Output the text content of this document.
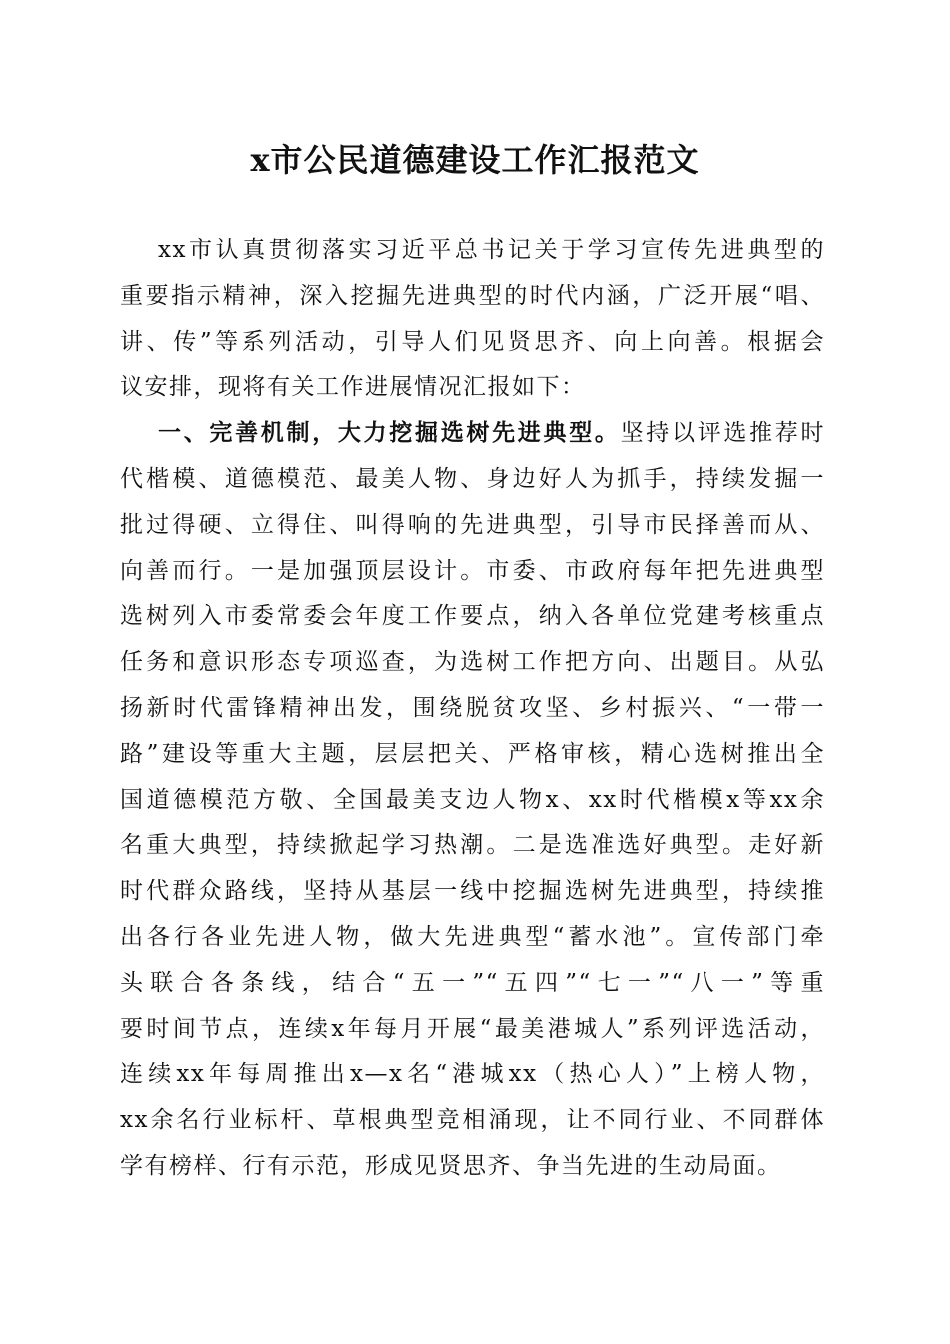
x市公民道德建设工作汇报范文
xx市认真贯彻落实习近平总书记关于学习宣传先进典型的
重要指示精神，深入挖掘先进典型的时代内涵，广泛开展“唱、
讲、传”等系列活动，引导人们见贤思齐、向上向善。根据会
议安排，现将有关工作进展情况汇报如下：
一、完善机制，大力挖掘选树先进典型。坚持以评选推荐时
代楷模、道德模范、最美人物、身边好人为抓手，持续发掘一
批过得硬、立得住、叫得响的先进典型，引导市民择善而从、
向善而行。一是加强顶层设计。市委、市政府每年把先进典型
选树列入市委常委会年度工作要点，纳入各单位党建考核重点
任务和意识形态专项巡查，为选树工作把方向、出题目。从弘
扬新时代雷锋精神出发，围绕脱贫攻坚、乡村振兴、“一带一
路”建设等重大主题，层层把关、严格审核，精心选树推出全
国道德模范方敬、全国最美支边人物x、xx时代楷模x等xx余
名重大典型，持续掀起学习热潮。二是选准选好典型。走好新
时代群众路线，坚持从基层一线中挖掘选树先进典型，持续推
出各行各业先进人物，做大先进典型“蓄水池”。宣传部门牵
头联合各条线，结合“五一”“五四”“七一”“八一”等重
要时间节点，连续x年每月开展“最美港城人”系列评选活动，
连续xx年每周推出x—x名“港城xx（热心人）”上榜人物，
xx余名行业标杆、草根典型竞相涌现，让不同行业、不同群体
学有榜样、行有示范，形成见贤思齐、争当先进的生动局面。
